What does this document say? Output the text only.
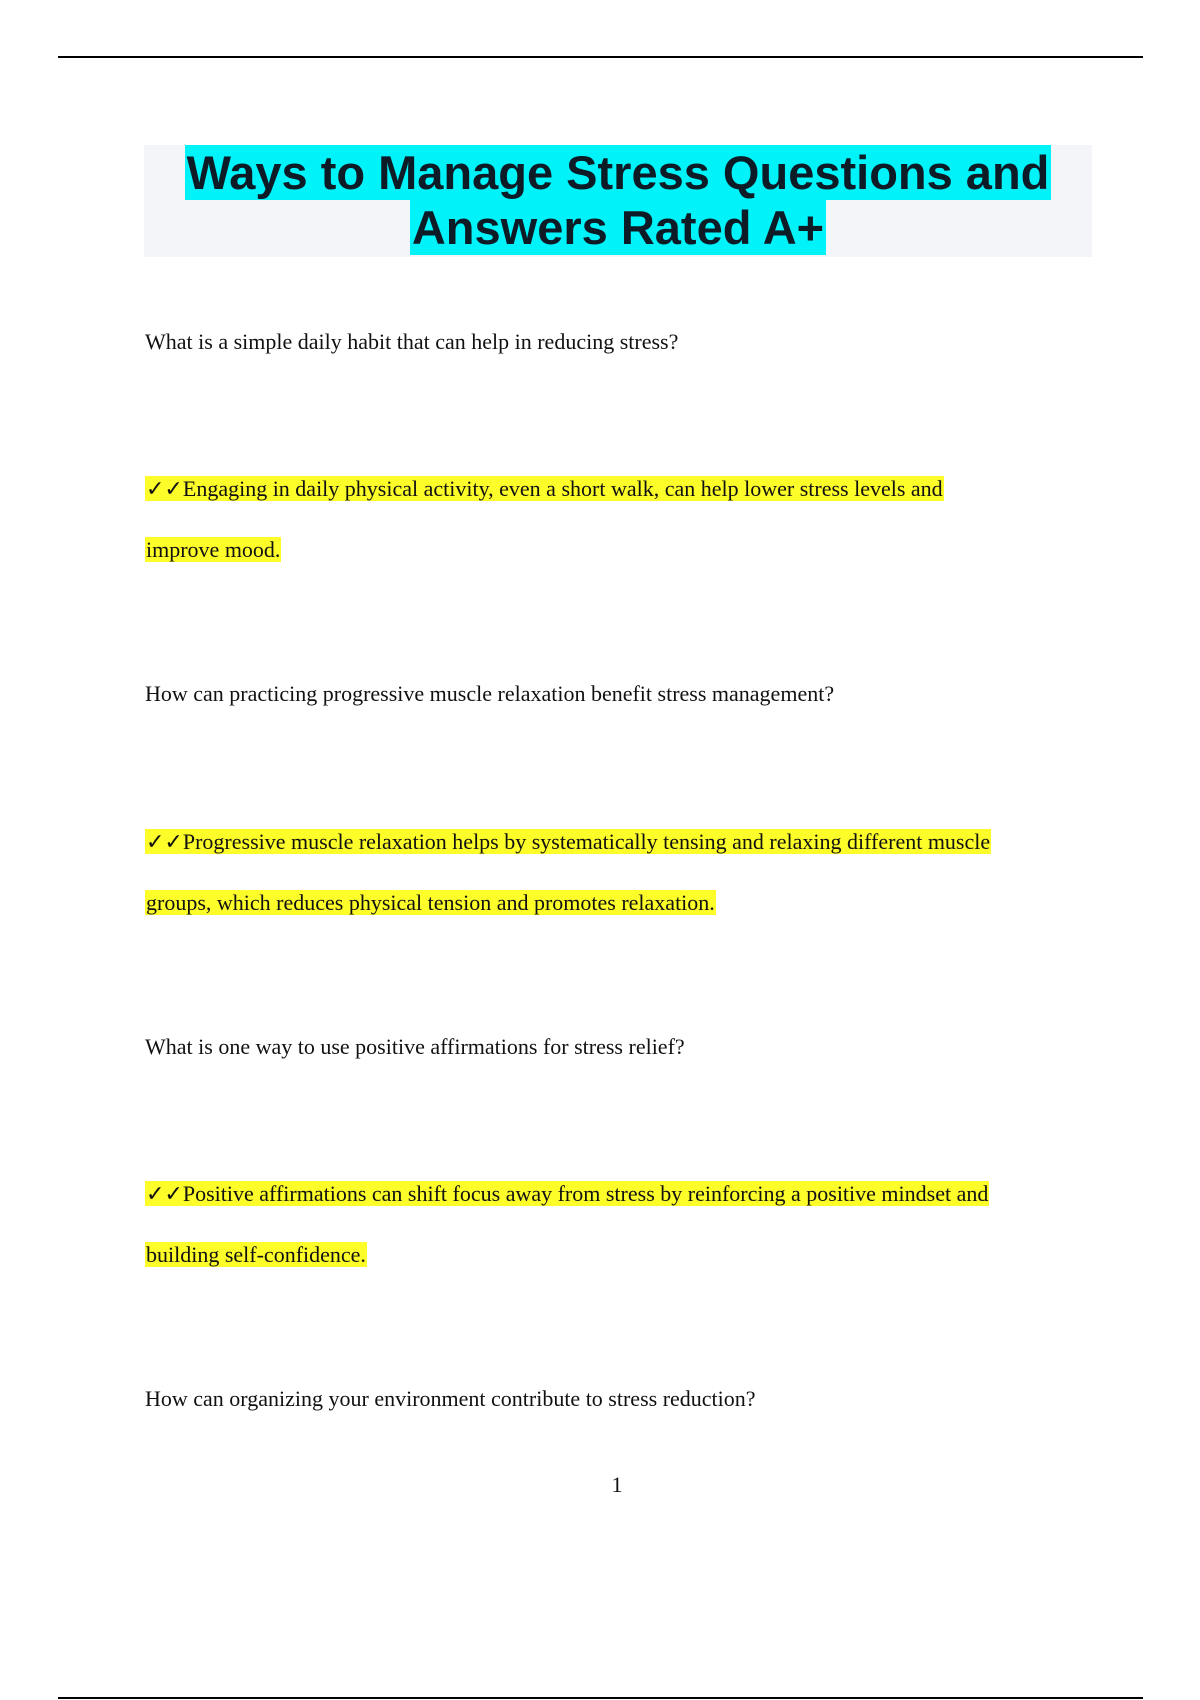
Ways to Manage Stress Questions and
Answers Rated A+
What is a simple daily habit that can help in reducing stress?
✓✓Engaging in daily physical activity, even a short walk, can help lower stress levels and
improve mood.
How can practicing progressive muscle relaxation benefit stress management?
✓✓Progressive muscle relaxation helps by systematically tensing and relaxing different muscle
groups, which reduces physical tension and promotes relaxation.
What is one way to use positive affirmations for stress relief?
✓✓Positive affirmations can shift focus away from stress by reinforcing a positive mindset and
building self-confidence.
How can organizing your environment contribute to stress reduction?
1
